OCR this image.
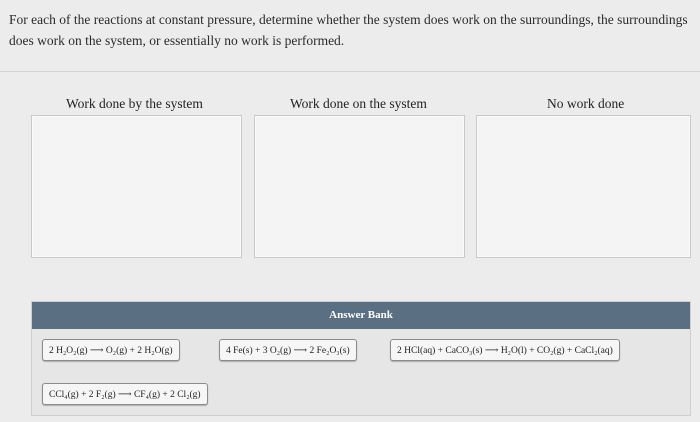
For each of the reactions at constant pressure, determine whether the system does work on the surroundings, the surroundings does work on the system, or essentially no work is performed.
Work done by the system	Work done on the system	No work done
Answer Bank
2 H₂O₂(g) ⟶ O₂(g) + 2 H₂O(g)	4 Fe(s) + 3 O₂(g) ⟶ 2 Fe₂O₃(s)	2 HCl(aq) + CaCO₃(s) ⟶ H₂O(l) + CO₂(g) + CaCl₂(aq)
CCl₄(g) + 2 F₂(g) ⟶ CF₄(g) + 2 Cl₂(g)
